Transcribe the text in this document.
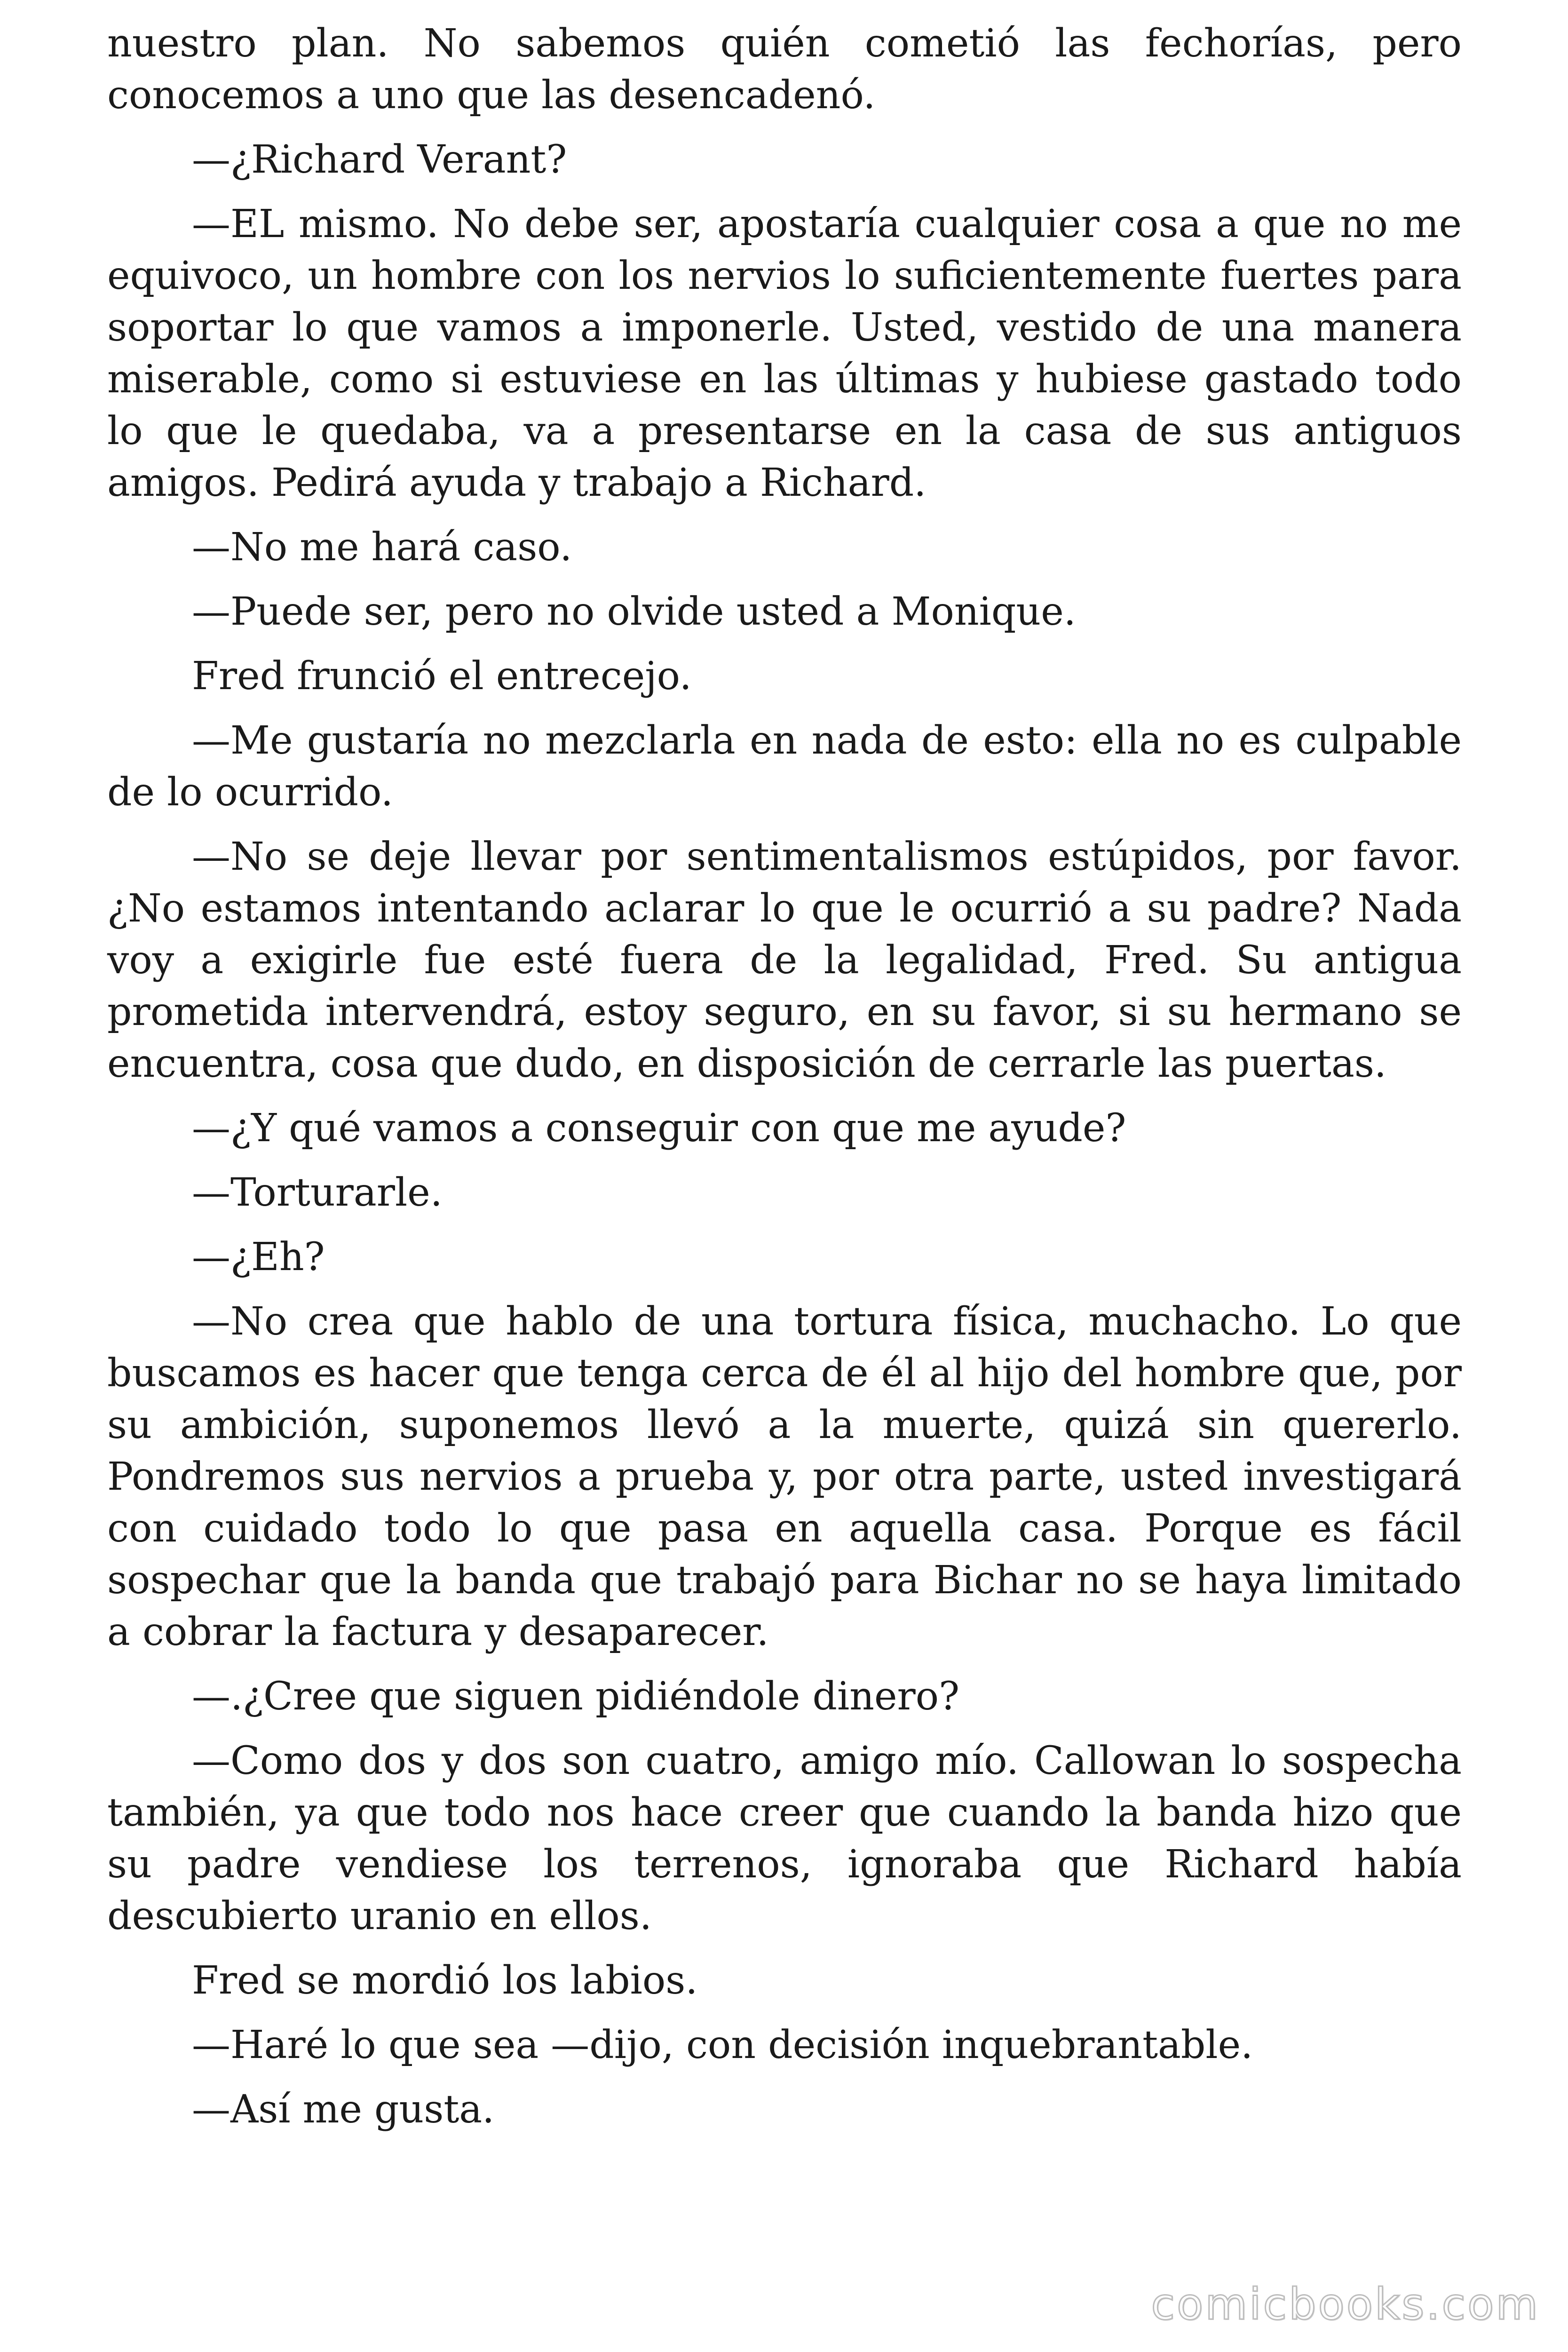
nuestro plan. No sabemos quién cometió las fechorías, pero conocemos a uno que las desencadenó.

—¿Richard Verant?

—EL mismo. No debe ser, apostaría cualquier cosa a que no me equivoco, un hombre con los nervios lo suficientemente fuertes para soportar lo que vamos a imponerle. Usted, vestido de una manera miserable, como si estuviese en las últimas y hubiese gastado todo lo que le quedaba, va a presentarse en la casa de sus antiguos amigos. Pedirá ayuda y trabajo a Richard.

—No me hará caso.

—Puede ser, pero no olvide usted a Monique.

Fred frunció el entrecejo.

—Me gustaría no mezclarla en nada de esto: ella no es culpable de lo ocurrido.

—No se deje llevar por sentimentalismos estúpidos, por favor. ¿No estamos intentando aclarar lo que le ocurrió a su padre? Nada voy a exigirle fue esté fuera de la legalidad, Fred. Su antigua prometida intervendrá, estoy seguro, en su favor, si su hermano se encuentra, cosa que dudo, en disposición de cerrarle las puertas.

—¿Y qué vamos a conseguir con que me ayude?

—Torturarle.

—¿Eh?

—No crea que hablo de una tortura física, muchacho. Lo que buscamos es hacer que tenga cerca de él al hijo del hombre que, por su ambición, suponemos llevó a la muerte, quizá sin quererlo. Pondremos sus nervios a prueba y, por otra parte, usted investigará con cuidado todo lo que pasa en aquella casa. Porque es fácil sospechar que la banda que trabajó para Bichar no se haya limitado a cobrar la factura y desaparecer.

—.¿Cree que siguen pidiéndole dinero?

—Como dos y dos son cuatro, amigo mío. Callowan lo sospecha también, ya que todo nos hace creer que cuando la banda hizo que su padre vendiese los terrenos, ignoraba que Richard había descubierto uranio en ellos.

Fred se mordió los labios.

—Haré lo que sea —dijo, con decisión inquebrantable.

—Así me gusta.

comicbooks.com
